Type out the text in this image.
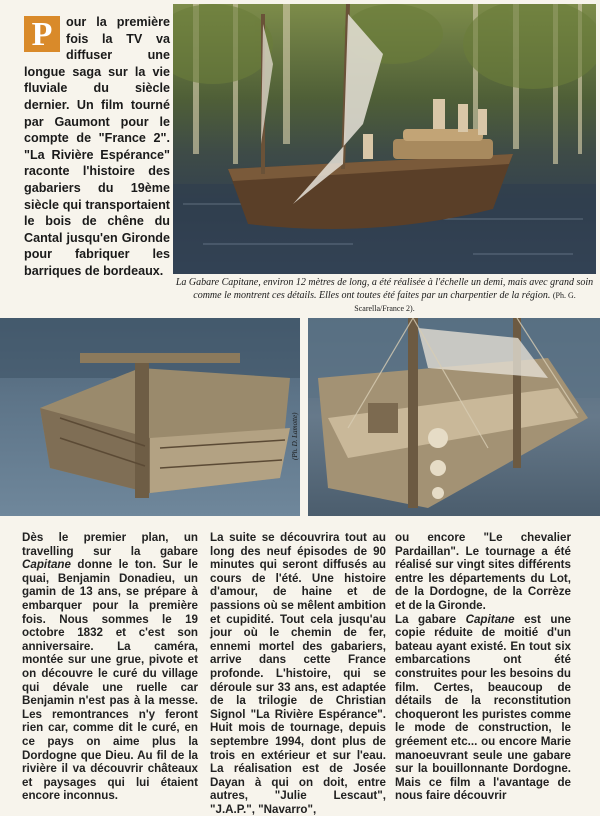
P	our la première fois la TV va diffuser une longue saga sur la vie fluviale du siècle dernier. Un film tourné par Gaumont pour le compte de "France 2". "La Rivière Espérance" raconte l'histoire des gabariers du 19ème siècle qui transportaient le bois de chêne du Cantal jusqu'en Gironde pour fabriquer les barriques de bordeaux.
La Gabare Capitane, environ 12 mètres de long, a été réalisée à l'échelle un demi, mais avec grand soin comme le montrent ces détails. Elles ont toutes été faites par un charpentier de la région. (Ph. G. Scarella/France 2).
(Ph. D. Lamotte)

Dès le premier plan, un travelling sur la gabare Capitane donne le ton. Sur le quai, Benjamin Donadieu, un gamin de 13 ans, se prépare à embarquer pour la première fois. Nous sommes le 19 octobre 1832 et c'est son anniversaire. La caméra, montée sur une grue, pivote et on découvre le curé du village qui dévale une ruelle car Benjamin n'est pas à la messe. Les remontrances n'y feront rien car, comme dit le curé, en ce pays on aime plus la Dordogne que Dieu. Au fil de la rivière il va découvrir châteaux et paysages qui lui étaient encore inconnus.

La suite se découvrira tout au long des neuf épisodes de 90 minutes qui seront diffusés au cours de l'été. Une histoire d'amour, de haine et de passions où se mêlent ambition et cupidité. Tout cela jusqu'au jour où le chemin de fer, ennemi mortel des gabariers, arrive dans cette France profonde. L'histoire, qui se déroule sur 33 ans, est adaptée de la trilogie de Christian Signol "La Rivière Espérance". Huit mois de tournage, depuis septembre 1994, dont plus de trois en extérieur et sur l'eau. La réalisation est de Josée Dayan à qui on doit, entre autres, "Julie Lescaut", "J.A.P.", "Navarro",

ou encore "Le chevalier Pardaillan". Le tournage a été réalisé sur vingt sites différents entre les départements du Lot, de la Dordogne, de la Corrèze et de la Gironde.

La gabare Capitane est une copie réduite de moitié d'un bateau ayant existé. En tout six embarcations ont été construites pour les besoins du film. Certes, beaucoup de détails de la reconstitution choqueront les puristes comme le mode de construction, le gréement etc... ou encore Marie manoeuvrant seule une gabare sur la bouillonnante Dordogne. Mais ce film a l'avantage de nous faire découvrir
